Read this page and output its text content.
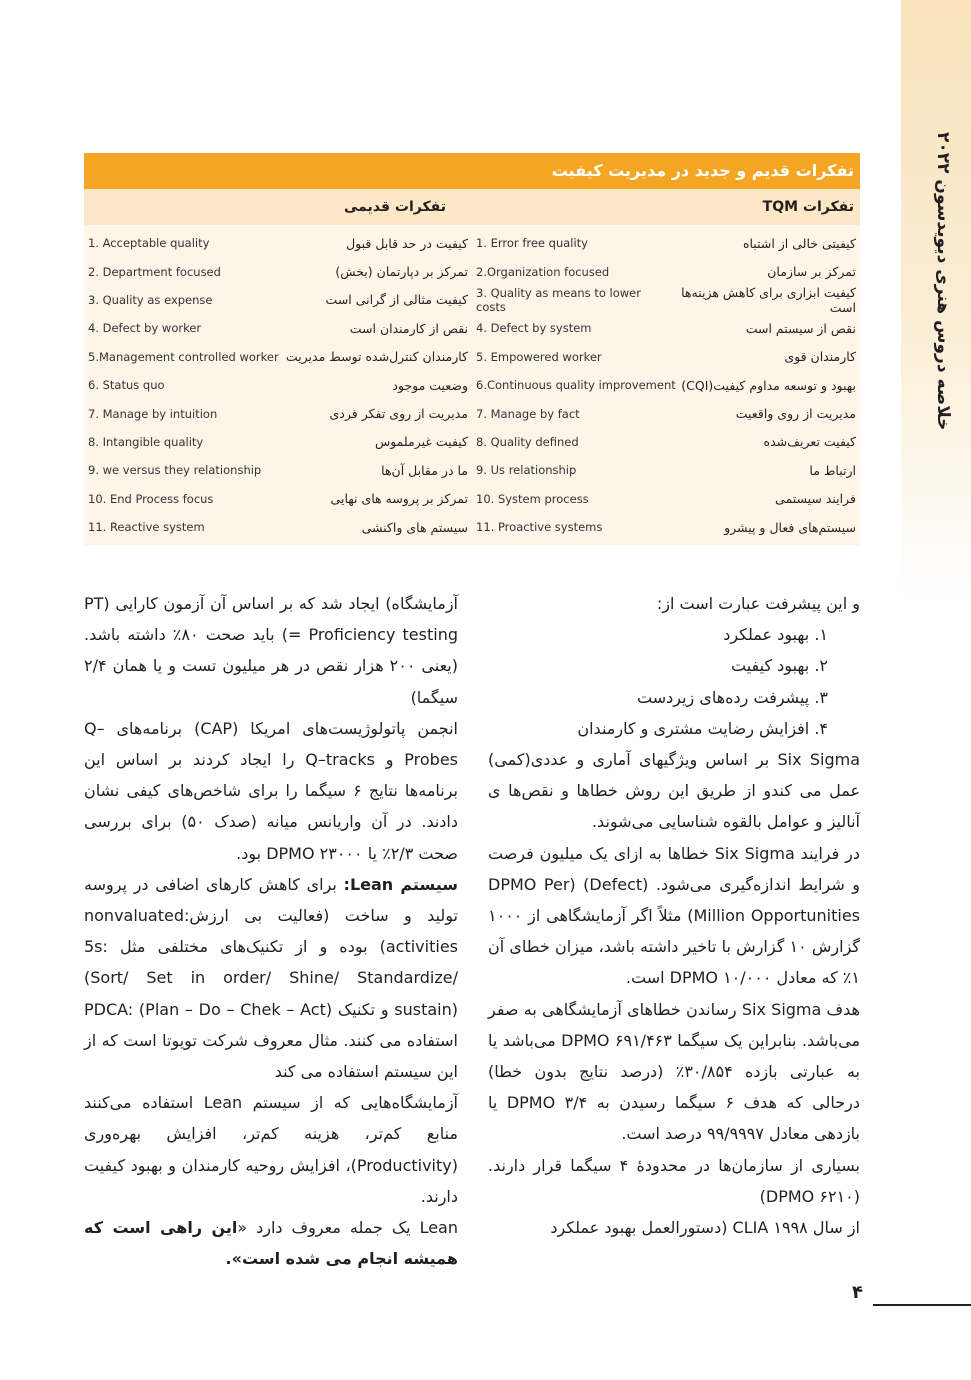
خلاصه دروس هنری دیویدسون ۲۰۲۲
تفکرات قدیم و جدید در مدیریت کیفیت
تفکرات TQM
تفکرات قدیمی
کیفیتی خالی از اشتباه
1. Error free quality
کیفیت در حد قابل قبول
1. Acceptable quality
تمرکز بر سازمان
2.Organization focused
تمرکز بر دپارتمان (بخش)
2. Department focused
کیفیت ابزاری برای کاهش هزینه‌ها است
3. Quality as means to lower costs
کیفیت مثالی از گرانی است
3. Quality as expense
نقص از سیستم است
4. Defect by system
نقص از کارمندان است
4. Defect by worker
کارمندان قوی
5. Empowered worker
کارمندان کنترل‌شده توسط مدیریت
5.Management controlled worker
بهبود و توسعه مداوم کیفیت(CQI)
6.Continuous quality improvement
وضعیت موجود
6. Status quo
مدیریت از روی واقعیت
7. Manage by fact
مدیریت از روی تفکر فردی
7. Manage by intuition
کیفیت تعریف‌شده
8. Quality defined
کیفیت غیرملموس
8. Intangible quality
ارتباط ما
9. Us relationship
ما در مقابل آن‌ها
9. we versus they relationship
فرایند سیستمی
10. System process
تمرکز بر پروسه های نهایی
10. End Process focus
سیستم‌های فعال و پیشرو
11. Proactive systems
سیستم های واکنشی
11. Reactive system

و این پیشرفت عبارت است از:

۱. بهبود عملکرد
۲. بهبود کیفیت
۳. پیشرفت رده‌های زیردست
۴. افزایش رضایت مشتری و کارمندان

Six Sigma بر اساس ویژگیهای آماری و عددی(کمی) عمل می کندو از طریق این روش خطاها و نقص‌ها ی آنالیز و عوامل بالقوه شناسایی می‌شوند.

در فرایند Six Sigma خطاها به ازای یک میلیون فرصت و شرایط اندازه‌گیری می‌شود. (Defect) (DPMO Per Million Opportunities) مثلاً اگر آزمایشگاهی از ۱۰۰۰ گزارش ۱۰ گزارش با تاخیر داشته باشد، میزان خطای آن ۱٪ که معادل DPMO ۱۰/۰۰۰ است.

هدف Six Sigma رساندن خطاهای آزمایشگاهی به صفر می‌باشد. بنابراین یک سیگما DPMO ۶۹۱/۴۶۳ می‌باشد یا به عبارتی بازده ۳۰/۸۵۴٪ (درصد نتایج بدون خطا) درحالی که هدف ۶ سیگما رسیدن به DPMO ۳/۴ یا بازدهی معادل ۹۹/۹۹۹۷ درصد است.

بسیاری از سازمان‌ها در محدودهٔ ۴ سیگما قرار دارند. (۶۲۱۰ DPMO)

از سال ۱۹۹۸ CLIA (دستورالعمل بهبود عملکرد

آزمایشگاه) ایجاد شد که بر اساس آن آزمون کارایی (PT = Proficiency testing) باید صحت ۸۰٪ داشته باشد. (یعنی ۲۰۰ هزار نقص در هر میلیون تست و یا همان ۲/۴ سیگما)

انجمن پاتولوژیست‌های امریکا (CAP) برنامه‌های Q–Probes و Q–tracks را ایجاد کردند بر اساس این برنامه‌ها نتایج ۶ سیگما را برای شاخص‌های کیفی نشان دادند. در آن واریانس میانه (صدک ۵۰) برای بررسی صحت ۲/۳٪ یا DPMO ۲۳۰۰۰ بود.

سیستم Lean: برای کاهش کارهای اضافی در پروسه تولید و ساخت (فعالیت بی ارزش:nonvaluated activities) بوده و از تکنیک‌های مختلفی مثل 5s: (Sort/ Set in order/ Shine/ Standardize/ sustain) و تکنیک PDCA: (Plan – Do – Chek – Act) استفاده می کنند. مثال معروف شرکت تویوتا است که از این سیستم استفاده می کند

آزمایشگاه‌هایی که از سیستم Lean استفاده می‌کنند منابع کم‌تر، هزینه کم‌تر، افزایش بهره‌وری (Productivity)، افزایش روحیه کارمندان و بهبود کیفیت دارند.

Lean یک جمله معروف دارد «این راهی است که همیشه انجام می شده است».

۴
